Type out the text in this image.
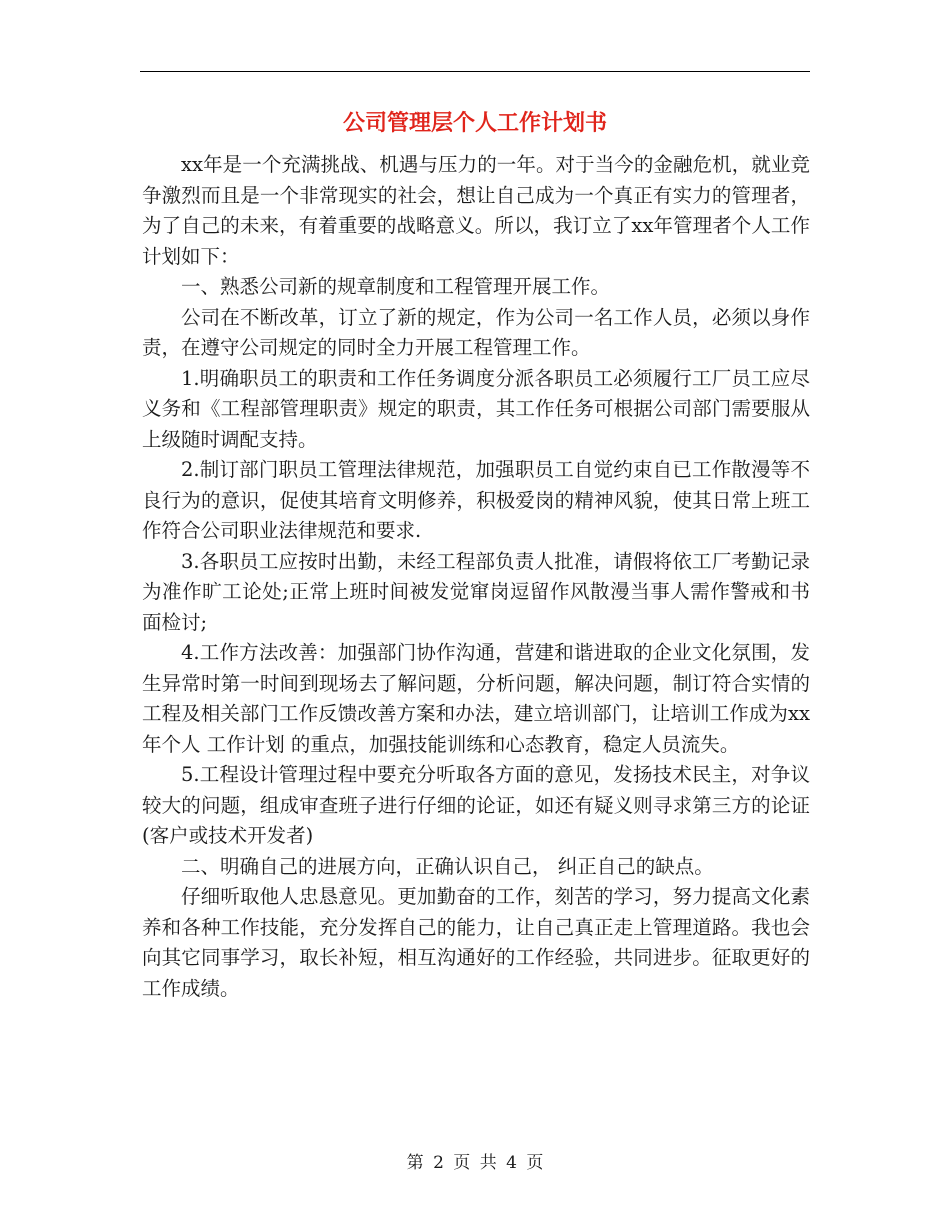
公司管理层个人工作计划书

xx年是一个充满挑战、机遇与压力的一年。对于当今的金融危机，就业竞争激烈而且是一个非常现实的社会，想让自己成为一个真正有实力的管理者，为了自己的未来，有着重要的战略意义。所以，我订立了xx年管理者个人工作计划如下：

一、熟悉公司新的规章制度和工程管理开展工作。

公司在不断改革，订立了新的规定，作为公司一名工作人员，必须以身作责，在遵守公司规定的同时全力开展工程管理工作。

1.明确职员工的职责和工作任务调度分派各职员工必须履行工厂员工应尽义务和《工程部管理职责》规定的职责，其工作任务可根据公司部门需要服从上级随时调配支持。

2.制订部门职员工管理法律规范，加强职员工自觉约束自已工作散漫等不良行为的意识，促使其培育文明修养，积极爱岗的精神风貌，使其日常上班工作符合公司职业法律规范和要求.

3.各职员工应按时出勤，未经工程部负责人批准，请假将依工厂考勤记录为准作旷工论处;正常上班时间被发觉窜岗逗留作风散漫当事人需作警戒和书面检讨;

4.工作方法改善：加强部门协作沟通，营建和谐进取的企业文化氛围，发生异常时第一时间到现场去了解问题，分析问题，解决问题，制订符合实情的工程及相关部门工作反馈改善方案和办法，建立培训部门，让培训工作成为xx年个人 工作计划 的重点，加强技能训练和心态教育，稳定人员流失。

5.工程设计管理过程中要充分听取各方面的意见，发扬技术民主，对争议较大的问题，组成审查班子进行仔细的论证，如还有疑义则寻求第三方的论证(客户或技术开发者)

二、明确自己的进展方向，正确认识自己， 纠正自己的缺点。

仔细听取他人忠恳意见。更加勤奋的工作，刻苦的学习，努力提高文化素养和各种工作技能，充分发挥自己的能力，让自己真正走上管理道路。我也会向其它同事学习，取长补短，相互沟通好的工作经验，共同进步。征取更好的工作成绩。

第 2 页 共 4 页
